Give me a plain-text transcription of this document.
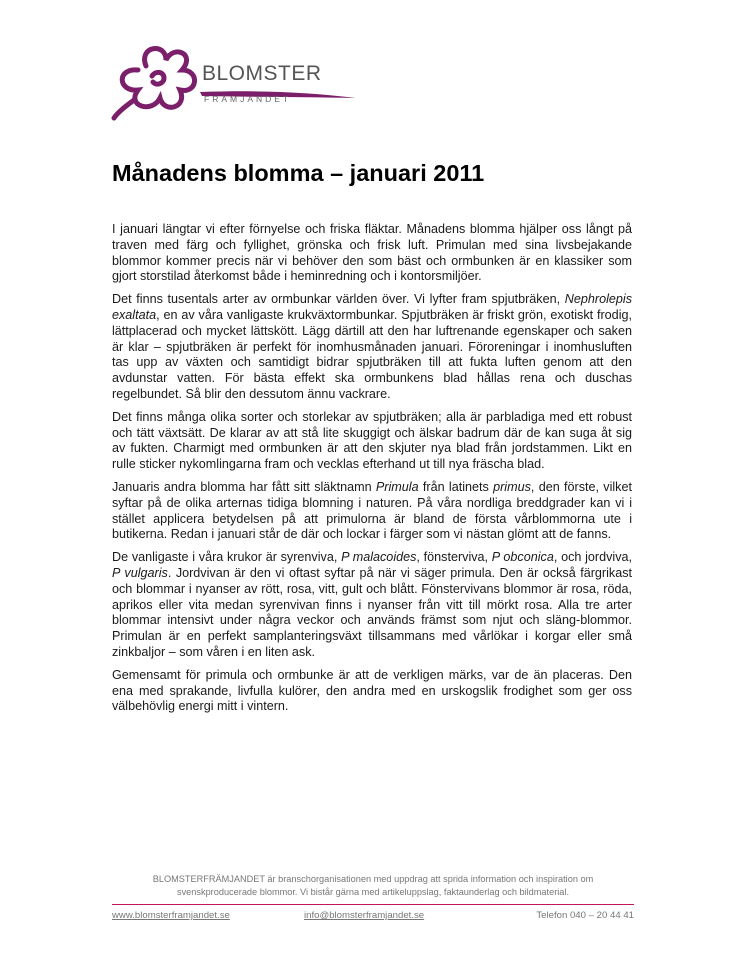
BLOMSTER
FRÄMJANDET
Månadens blomma – januari 2011

I januari längtar vi efter förnyelse och friska fläktar. Månadens blomma hjälper oss långt på traven med färg och fyllighet, grönska och frisk luft. Primulan med sina livsbejakande blommor kommer precis när vi behöver den som bäst och ormbunken är en klassiker som gjort storstilad återkomst både i heminredning och i kontorsmiljöer.

Det finns tusentals arter av ormbunkar världen över. Vi lyfter fram spjutbräken, Nephrolepis exaltata, en av våra vanligaste krukväxtormbunkar. Spjutbräken är friskt grön, exotiskt frodig, lättplacerad och mycket lättskött. Lägg därtill att den har luftrenande egenskaper och saken är klar – spjutbräken är perfekt för inomhusmånaden januari. Föroreningar i inomhusluften tas upp av växten och samtidigt bidrar spjutbräken till att fukta luften genom att den avdunstar vatten. För bästa effekt ska ormbunkens blad hållas rena och duschas regelbundet. Så blir den dessutom ännu vackrare.

Det finns många olika sorter och storlekar av spjutbräken; alla är parbladiga med ett robust och tätt växtsätt. De klarar av att stå lite skuggigt och älskar badrum där de kan suga åt sig av fukten. Charmigt med ormbunken är att den skjuter nya blad från jordstammen. Likt en rulle sticker nykomlingarna fram och vecklas efterhand ut till nya fräscha blad.

Januaris andra blomma har fått sitt släktnamn Primula från latinets primus, den förste, vilket syftar på de olika arternas tidiga blomning i naturen. På våra nordliga breddgrader kan vi i stället applicera betydelsen på att primulorna är bland de första vårblommorna ute i butikerna. Redan i januari står de där och lockar i färger som vi nästan glömt att de fanns.

De vanligaste i våra krukor är syrenviva, P malacoides, fönsterviva, P obconica, och jordviva, P vulgaris. Jordvivan är den vi oftast syftar på när vi säger primula. Den är också färgrikast och blommar i nyanser av rött, rosa, vitt, gult och blått. Fönstervivans blommor är rosa, röda, aprikos eller vita medan syrenvivan finns i nyanser från vitt till mörkt rosa. Alla tre arter blommar intensivt under några veckor och används främst som njut och släng-blommor. Primulan är en perfekt samplanteringsväxt tillsammans med vårlökar i korgar eller små zinkbaljor – som våren i en liten ask.

Gemensamt för primula och ormbunke är att de verkligen märks, var de än placeras. Den ena med sprakande, livfulla kulörer, den andra med en urskogslik frodighet som ger oss välbehövlig energi mitt i vintern.

BLOMSTERFRÄMJANDET är branschorganisationen med uppdrag att sprida information och inspiration om svenskproducerade blommor. Vi bistår gärna med artikeluppslag, faktaunderlag och bildmaterial.
www.blomsterframjandet.se	info@blomsterframjandet.se	Telefon 040 – 20 44 41
